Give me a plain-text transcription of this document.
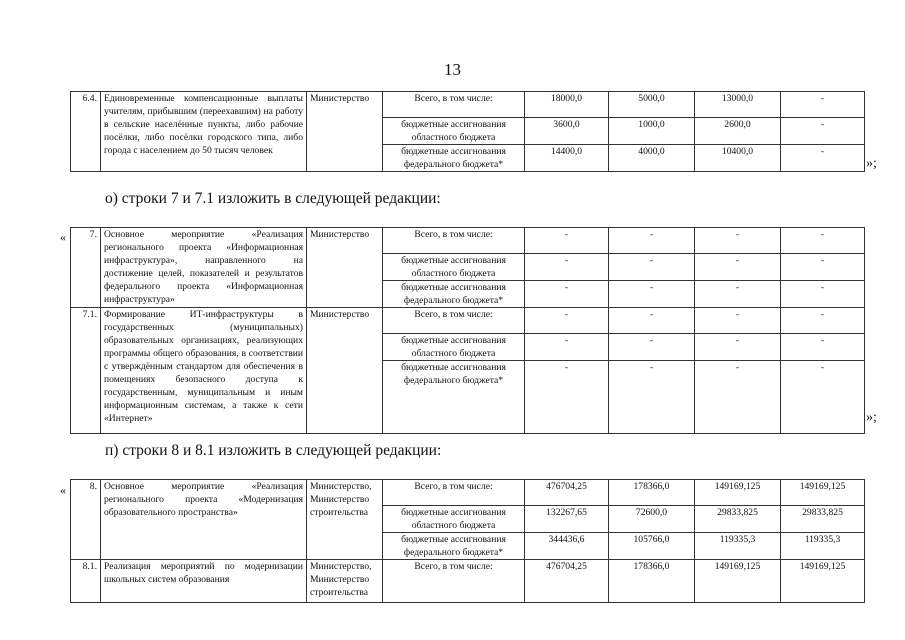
13
6.4.	Единовременные компенсационные выплаты учителям, прибывшим (переехавшим) на работу в сельские населённые пункты, либо рабочие посёлки, либо посёлки городского типа, либо города с населением до 50 тысяч человек	Министерство	Всего, в том числе:	18000,0	5000,0	13000,0	-
			бюджетные ассигнования областного бюджета	3600,0	1000,0	2600,0	-
			бюджетные ассигнования федерального бюджета*	14400,0	4000,0	10400,0	-
»;
о) строки 7 и 7.1 изложить в следующей редакции:
« 7.	Основное мероприятие «Реализация регионального проекта «Информационная инфраструктура», направленного на достижение целей, показателей и результатов федерального проекта «Информационная инфраструктура»	Министерство	Всего, в том числе:	-	-	-	-
			бюджетные ассигнования областного бюджета	-	-	-	-
			бюджетные ассигнования федерального бюджета*	-	-	-	-
7.1.	Формирование ИТ-инфраструктуры в государственных (муниципальных) образовательных организациях, реализующих программы общего образования, в соответствии с утверждённым стандартом для обеспечения в помещениях безопасного доступа к государственным, муниципальным и иным информационным системам, а также к сети «Интернет»	Министерство	Всего, в том числе:	-	-	-	-
			бюджетные ассигнования областного бюджета	-	-	-	-
			бюджетные ассигнования федерального бюджета*	-	-	-	-
»;
п) строки 8 и 8.1 изложить в следующей редакции:
« 8.	Основное мероприятие «Реализация регионального проекта «Модернизация образовательного пространства»	Министерство, Министерство строительства	Всего, в том числе:	476704,25	178366,0	149169,125	149169,125
			бюджетные ассигнования областного бюджета	132267,65	72600,0	29833,825	29833,825
			бюджетные ассигнования федерального бюджета*	344436,6	105766,0	119335,3	119335,3
8.1.	Реализация мероприятий по модернизации школьных систем образования	Министерство, Министерство строительства	Всего, в том числе:	476704,25	178366,0	149169,125	149169,125
